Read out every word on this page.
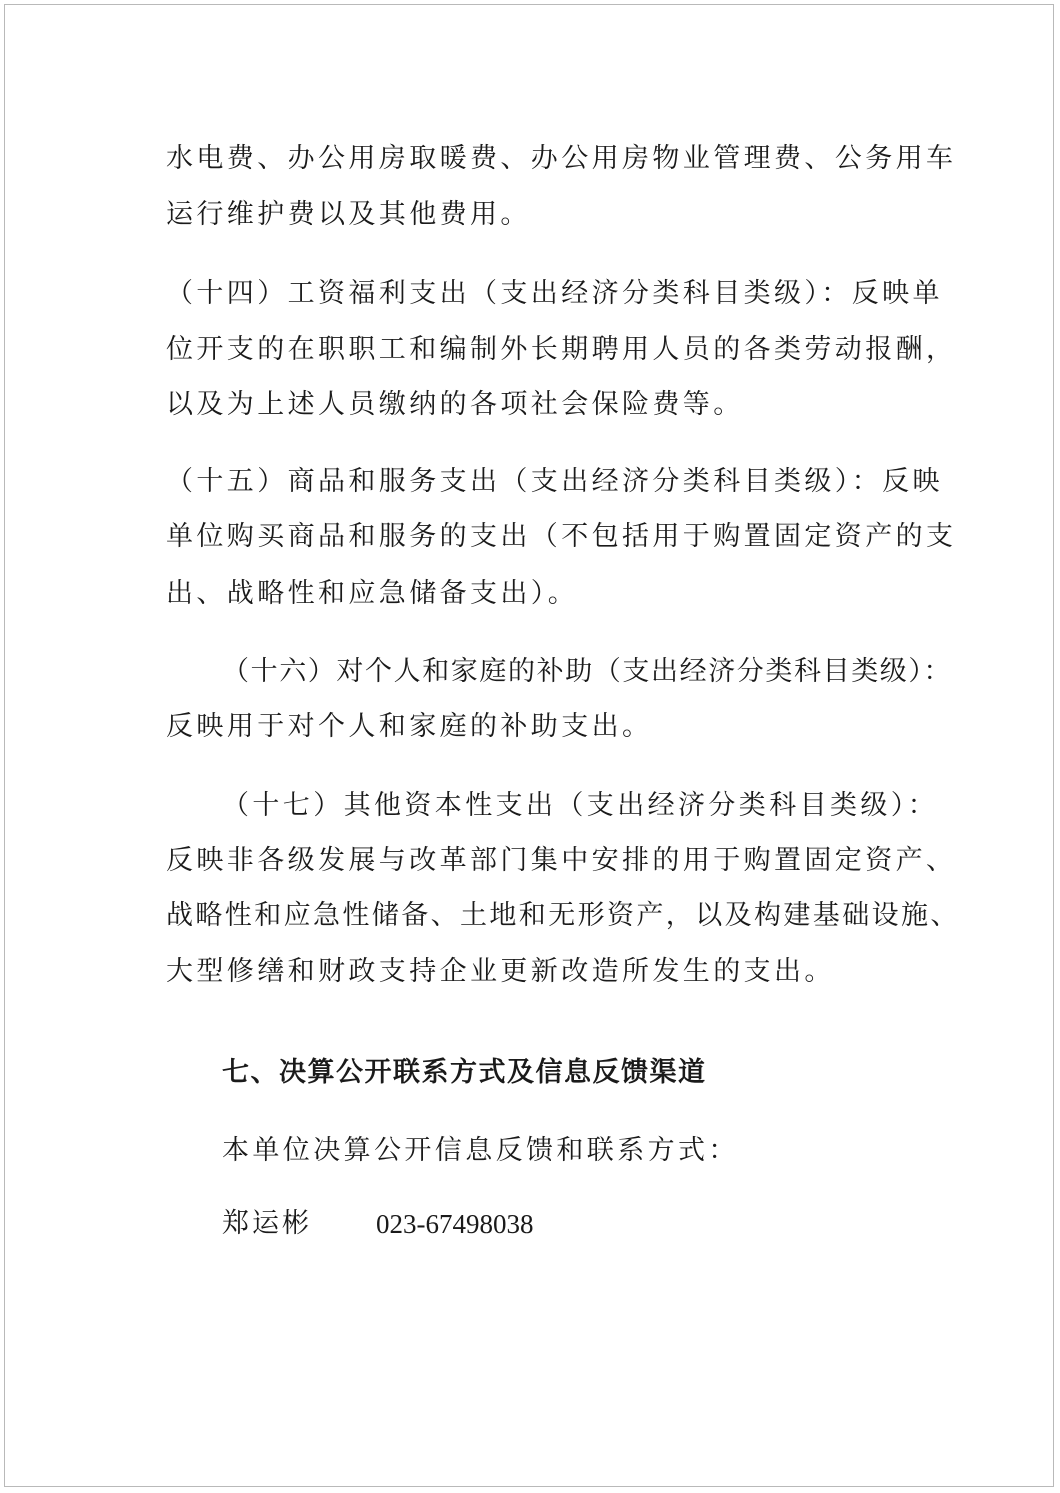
水电费、办公用房取暖费、办公用房物业管理费、公务用车
运行维护费以及其他费用。
（十四）工资福利支出（支出经济分类科目类级）：反映单
位开支的在职职工和编制外长期聘用人员的各类劳动报酬，
以及为上述人员缴纳的各项社会保险费等。
（十五）商品和服务支出（支出经济分类科目类级）：反映
单位购买商品和服务的支出（不包括用于购置固定资产的支
出、战略性和应急储备支出）。
（十六）对个人和家庭的补助（支出经济分类科目类级）：
反映用于对个人和家庭的补助支出。
（十七）其他资本性支出（支出经济分类科目类级）：
反映非各级发展与改革部门集中安排的用于购置固定资产、
战略性和应急性储备、土地和无形资产，以及构建基础设施、
大型修缮和财政支持企业更新改造所发生的支出。
七、决算公开联系方式及信息反馈渠道
本单位决算公开信息反馈和联系方式：
郑运彬 023-67498038
